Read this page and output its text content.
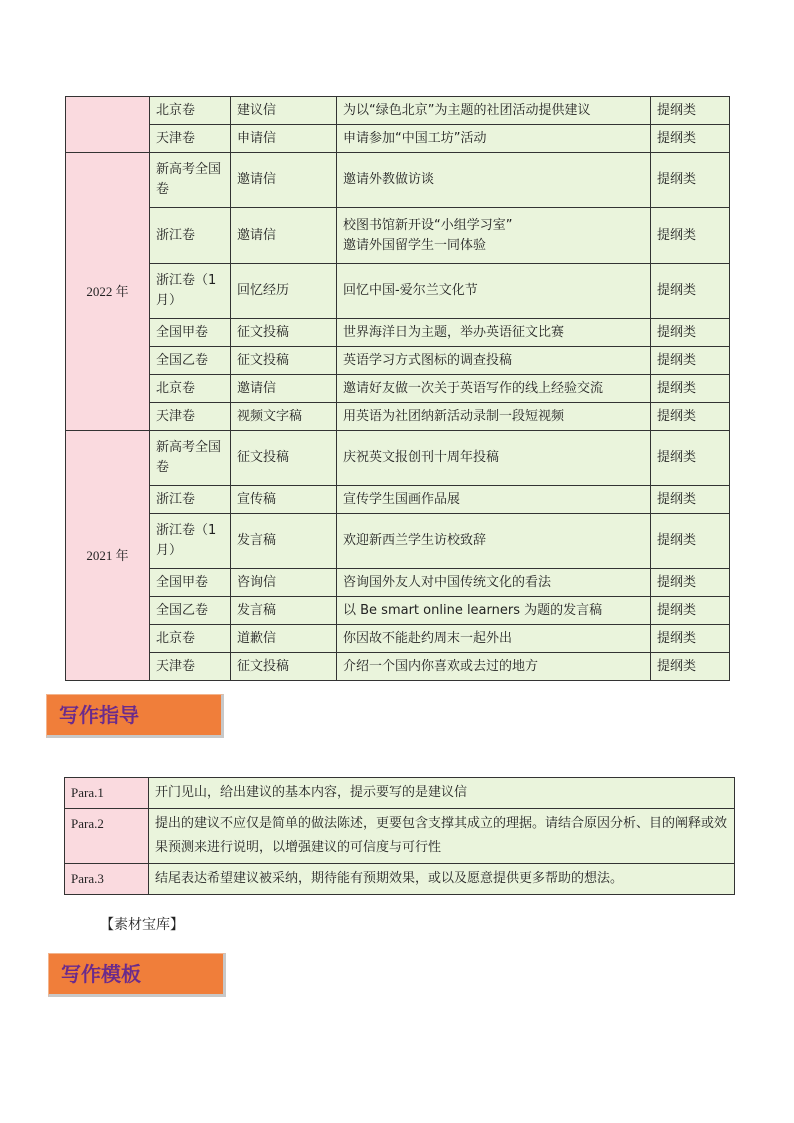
	北京卷	建议信	为以“绿色北京”为主题的社团活动提供建议	提纲类
	天津卷	申请信	申请参加“中国工坊”活动	提纲类
2022 年	新高考全国卷	邀请信	邀请外教做访谈	提纲类
	浙江卷	邀请信	校图书馆新开设“小组学习室”
邀请外国留学生一同体验	提纲类
	浙江卷（1月）	回忆经历	回忆中国-爱尔兰文化节	提纲类
	全国甲卷	征文投稿	世界海洋日为主题，举办英语征文比赛	提纲类
	全国乙卷	征文投稿	英语学习方式图标的调查投稿	提纲类
	北京卷	邀请信	邀请好友做一次关于英语写作的线上经验交流	提纲类
	天津卷	视频文字稿	用英语为社团纳新活动录制一段短视频	提纲类
2021 年	新高考全国卷	征文投稿	庆祝英文报创刊十周年投稿	提纲类
	浙江卷	宣传稿	宣传学生国画作品展	提纲类
	浙江卷（1月）	发言稿	欢迎新西兰学生访校致辞	提纲类
	全国甲卷	咨询信	咨询国外友人对中国传统文化的看法	提纲类
	全国乙卷	发言稿	以 Be smart online learners 为题的发言稿	提纲类
	北京卷	道歉信	你因故不能赴约周末一起外出	提纲类
	天津卷	征文投稿	介绍一个国内你喜欢或去过的地方	提纲类
写作指导
Para.1	开门见山，给出建议的基本内容，提示要写的是建议信
Para.2	提出的建议不应仅是简单的做法陈述，更要包含支撑其成立的理据。请结合原因分析、目的阐释或效果预测来进行说明，以增强建议的可信度与可行性
Para.3	结尾表达希望建议被采纳，期待能有预期效果，或以及愿意提供更多帮助的想法。
【素材宝库】
写作模板
